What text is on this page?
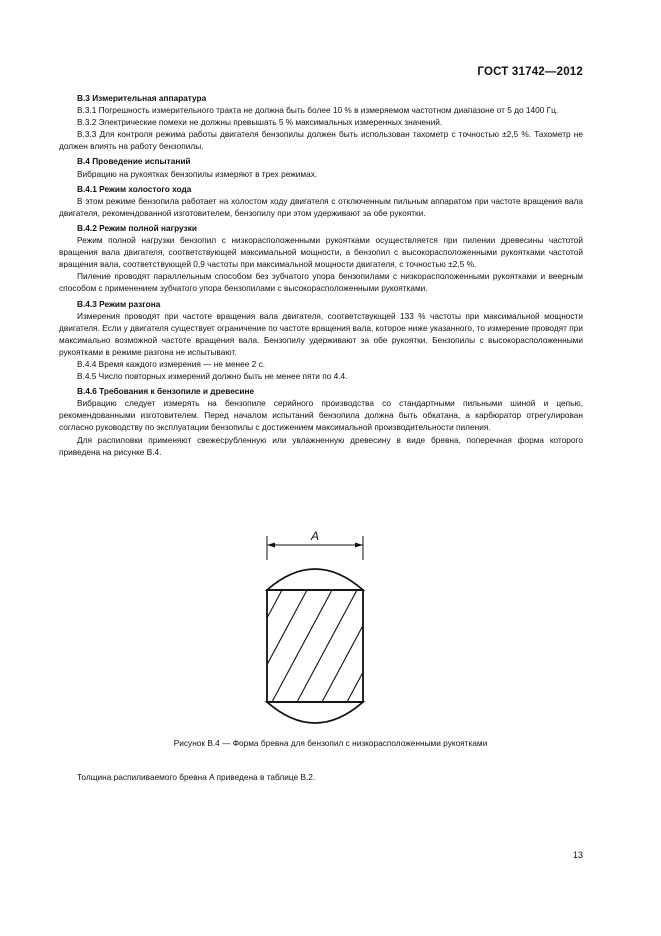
ГОСТ 31742—2012

B.3 Измерительная аппаратура

B.3.1 Погрешность измерительного тракта не должна быть более 10 % в измеряемом частотном диапазоне от 5 до 1400 Гц.

B.3.2 Электрические помехи не должны превышать 5 % максимальных измеренных значений.

B.3.3 Для контроля режима работы двигателя бензопилы должен быть использован тахометр с точностью ±2,5 %. Тахометр не должен влиять на работу бензопилы.

B.4 Проведение испытаний

Вибрацию на рукоятках бензопилы измеряют в трех режимах.

B.4.1 Режим холостого хода

В этом режиме бензопила работает на холостом ходу двигателя с отключенным пильным аппаратом при частоте вращения вала двигателя, рекомендованной изготовителем, бензопилу при этом удерживают за обе рукоятки.

B.4.2 Режим полной нагрузки

Режим полной нагрузки бензопил с низкорасположенными рукоятками осуществляется при пилении древесины частотой вращения вала двигателя, соответствующей максимальной мощности, а бензопил с высокорасположенными рукоятками частотой вращения вала, соответствующей 0,9 частоты при максимальной мощности двигателя, с точностью ±2,5 %.

Пиление проводят параллельным способом без зубчатого упора бензопилами с низкорасположенными рукоятками и веерным способом с применением зубчатого упора бензопилами с высокорасположенными рукоятками.

B.4.3 Режим разгона

Измерения проводят при частоте вращения вала двигателя, соответствующей 133 % частоты при максимальной мощности двигателя. Если у двигателя существует ограничение по частоте вращения вала, которое ниже указанного, то измерение проводят при максимально возможной частоте вращения вала. Бензопилу удерживают за обе рукоятки. Бензопилы с высокорасположенными рукоятками в режиме разгона не испытывают.

B.4.4 Время каждого измерения — не менее 2 с.

B.4.5 Число повторных измерений должно быть не менее пяти по 4.4.

B.4.6 Требования к бензопиле и древесине

Вибрацию следует измерять на бензопиле серийного производства со стандартными пильными шиной и цепью, рекомендованными изготовителем. Перед началом испытаний бензопила должна быть обкатана, а карбюратор отрегулирован согласно руководству по эксплуатации бензопилы с достижением максимальной производительности пиления.

Для распиловки применяют свежесрубленную или увлажненную древесину в виде бревна, поперечная форма которого приведена на рисунке B.4.

A
Рисунок B.4 — Форма бревна для бензопил с низкорасположенными рукоятками
Толщина распиливаемого бревна A приведена в таблице B.2.
13
